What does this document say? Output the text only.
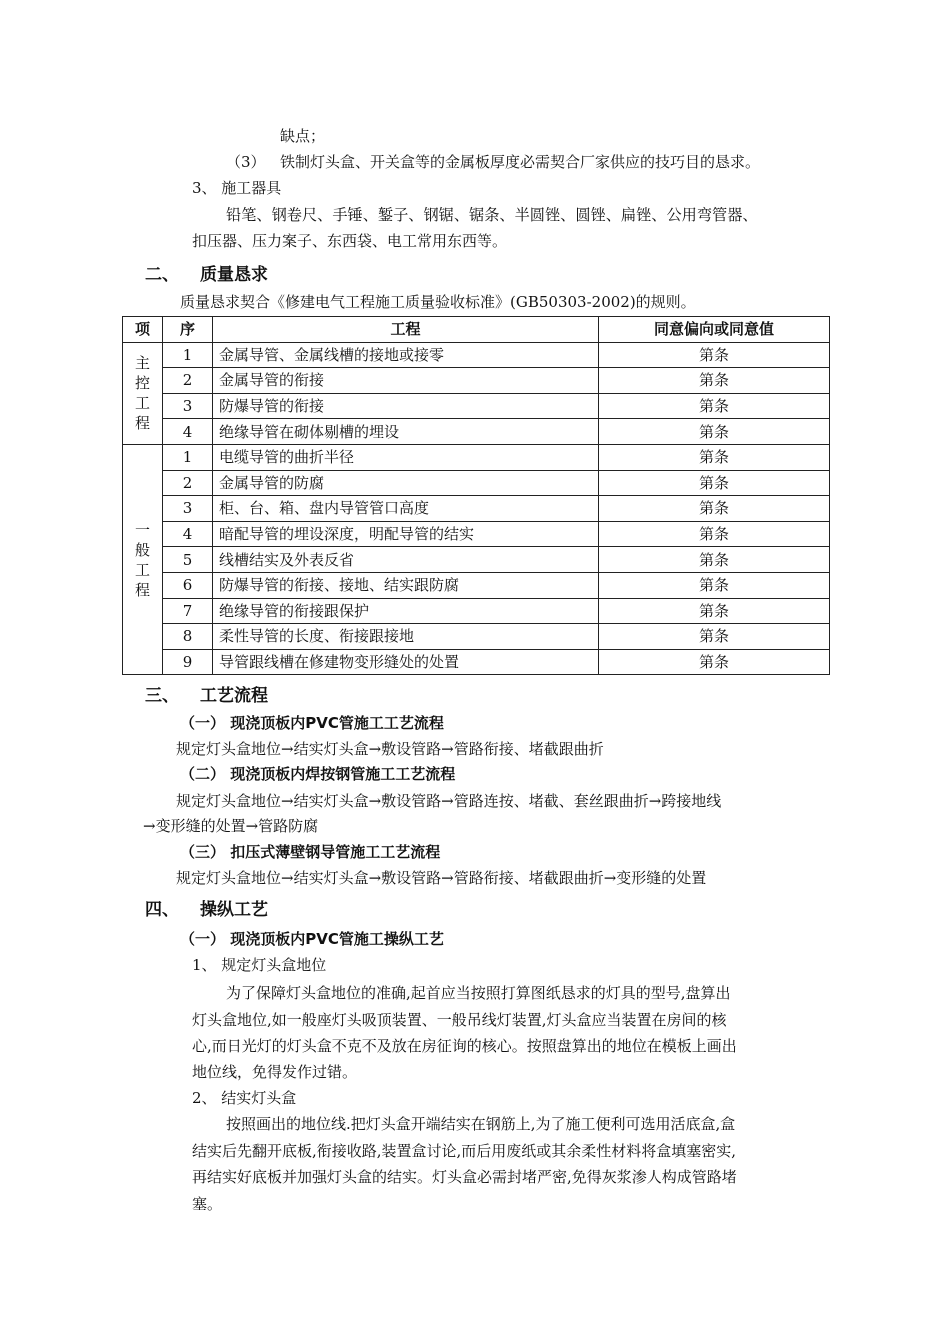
缺点；
（3） 铁制灯头盒、开关盒等的金属板厚度必需契合厂家供应的技巧目的恳求。
3、 施工器具
铅笔、钢卷尺、手锤、錾子、钢锯、锯条、半圆锉、圆锉、扁锉、公用弯管器、
扣压器、压力案子、东西袋、电工常用东西等。
二、 质量恳求
质量恳求契合《修建电气工程施工质量验收标准》(GB50303-2002)的规则。
项	序	工程	同意偏向或同意值

主
控
工
程	1	金属导管、金属线槽的接地或接零	第条
	2	金属导管的衔接	第条
	3	防爆导管的衔接	第条
	4	绝缘导管在砌体剔槽的埋设	第条

一
般
工
程	1	电缆导管的曲折半径	第条
	2	金属导管的防腐	第条
	3	柜、台、箱、盘内导管管口高度	第条
	4	暗配导管的埋设深度，明配导管的结实	第条
	5	线槽结实及外表反省	第条
	6	防爆导管的衔接、接地、结实跟防腐	第条
	7	绝缘导管的衔接跟保护	第条
	8	柔性导管的长度、衔接跟接地	第条
	9	导管跟线槽在修建物变形缝处的处置	第条
三、 工艺流程
（一） 现浇顶板内PVC管施工工艺流程
规定灯头盒地位→结实灯头盒→敷设管路→管路衔接、堵截跟曲折
（二） 现浇顶板内焊按钢管施工工艺流程
规定灯头盒地位→结实灯头盒→敷设管路→管路连按、堵截、套丝跟曲折→跨接地线
→变形缝的处置→管路防腐
（三） 扣压式薄壁钢导管施工工艺流程
规定灯头盒地位→结实灯头盒→敷设管路→管路衔接、堵截跟曲折→变形缝的处置
四、 操纵工艺
（一） 现浇顶板内PVC管施工操纵工艺
1、 规定灯头盒地位
为了保障灯头盒地位的准确,起首应当按照打算图纸恳求的灯具的型号,盘算出
灯头盒地位,如一般座灯头吸顶装置、一般吊线灯装置,灯头盒应当装置在房间的核
心,而日光灯的灯头盒不克不及放在房征询的核心。按照盘算出的地位在模板上画出
地位线，免得发作过错。
2、 结实灯头盒
按照画出的地位线.把灯头盒开端结实在钢筋上,为了施工便利可选用活底盒,盒
结实后先翻开底板,衔接收路,装置盒讨论,而后用废纸或其余柔性材料将盒填塞密实,
再结实好底板并加强灯头盒的结实。灯头盒必需封堵严密,免得灰浆渗人构成管路堵
塞。
